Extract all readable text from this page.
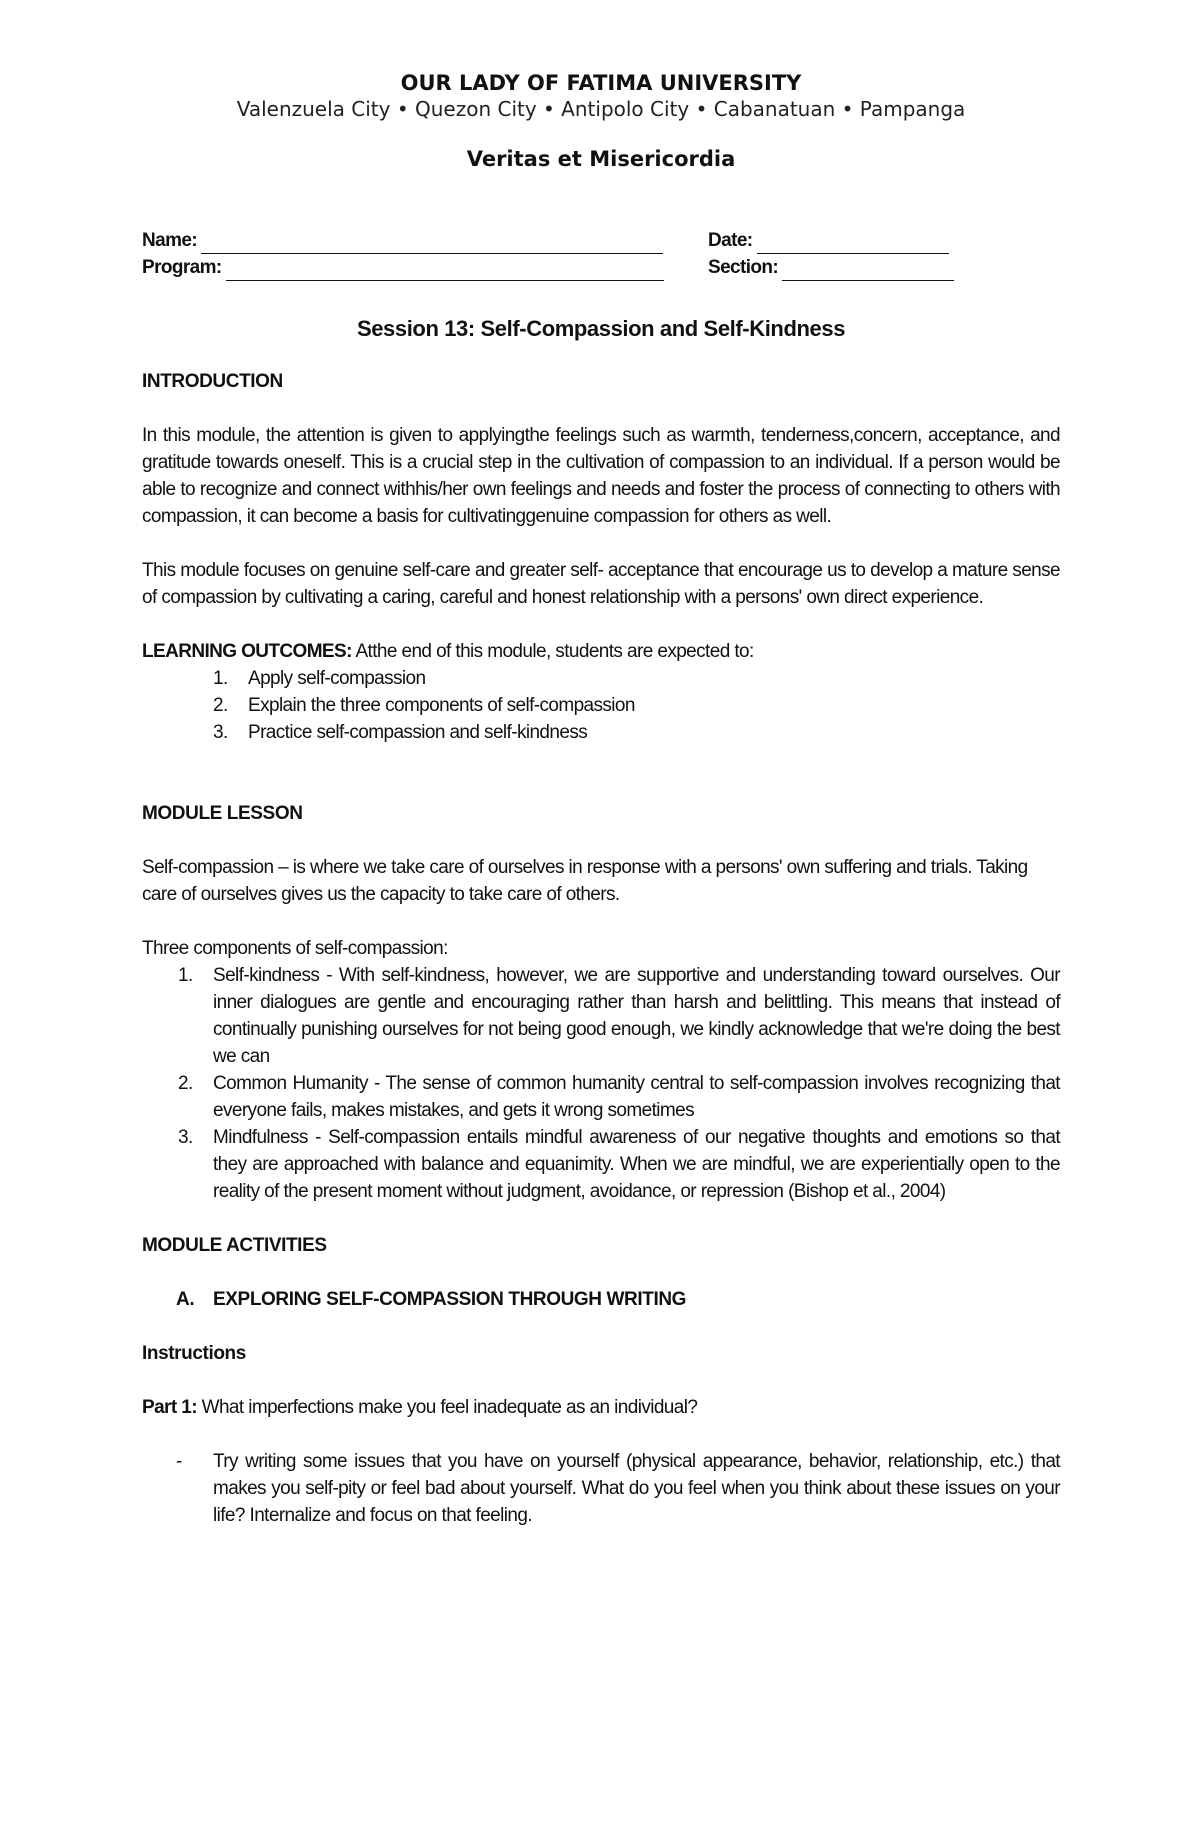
OUR LADY OF FATIMA UNIVERSITY

Valenzuela City • Quezon City • Antipolo City • Cabanatuan • Pampanga

Veritas et Misericordia

Name:	Date:
Program:	Section:
Session 13: Self-Compassion and Self-Kindness

INTRODUCTION

In this module, the attention is given to applyingthe feelings such as warmth, tenderness,concern, acceptance, and gratitude towards oneself. This is a crucial step in the cultivation of compassion to an individual. If a person would be able to recognize and connect withhis/her own feelings and needs and foster the process of connecting to others with compassion, it can become a basis for cultivatinggenuine compassion for others as well.

This module focuses on genuine self-care and greater self- acceptance that encourage us to develop a mature sense of compassion by cultivating a caring, careful and honest relationship with a persons' own direct experience.

LEARNING OUTCOMES: Atthe end of this module, students are expected to:

1. Apply self-compassion
2. Explain the three components of self-compassion
3. Practice self-compassion and self-kindness

MODULE LESSON

Self-compassion – is where we take care of ourselves in response with a persons' own suffering and trials. Taking care of ourselves gives us the capacity to take care of others.

Three components of self-compassion:

1. Self-kindness - With self-kindness, however, we are supportive and understanding toward ourselves. Our inner dialogues are gentle and encouraging rather than harsh and belittling. This means that instead of continually punishing ourselves for not being good enough, we kindly acknowledge that we're doing the best we can
2. Common Humanity - The sense of common humanity central to self-compassion involves recognizing that everyone fails, makes mistakes, and gets it wrong sometimes
3. Mindfulness - Self-compassion entails mindful awareness of our negative thoughts and emotions so that they are approached with balance and equanimity. When we are mindful, we are experientially open to the reality of the present moment without judgment, avoidance, or repression (Bishop et al., 2004)

MODULE ACTIVITIES

A. EXPLORING SELF-COMPASSION THROUGH WRITING

Instructions

Part 1: What imperfections make you feel inadequate as an individual?

- Try writing some issues that you have on yourself (physical appearance, behavior, relationship, etc.) that makes you self-pity or feel bad about yourself. What do you feel when you think about these issues on your life? Internalize and focus on that feeling.
